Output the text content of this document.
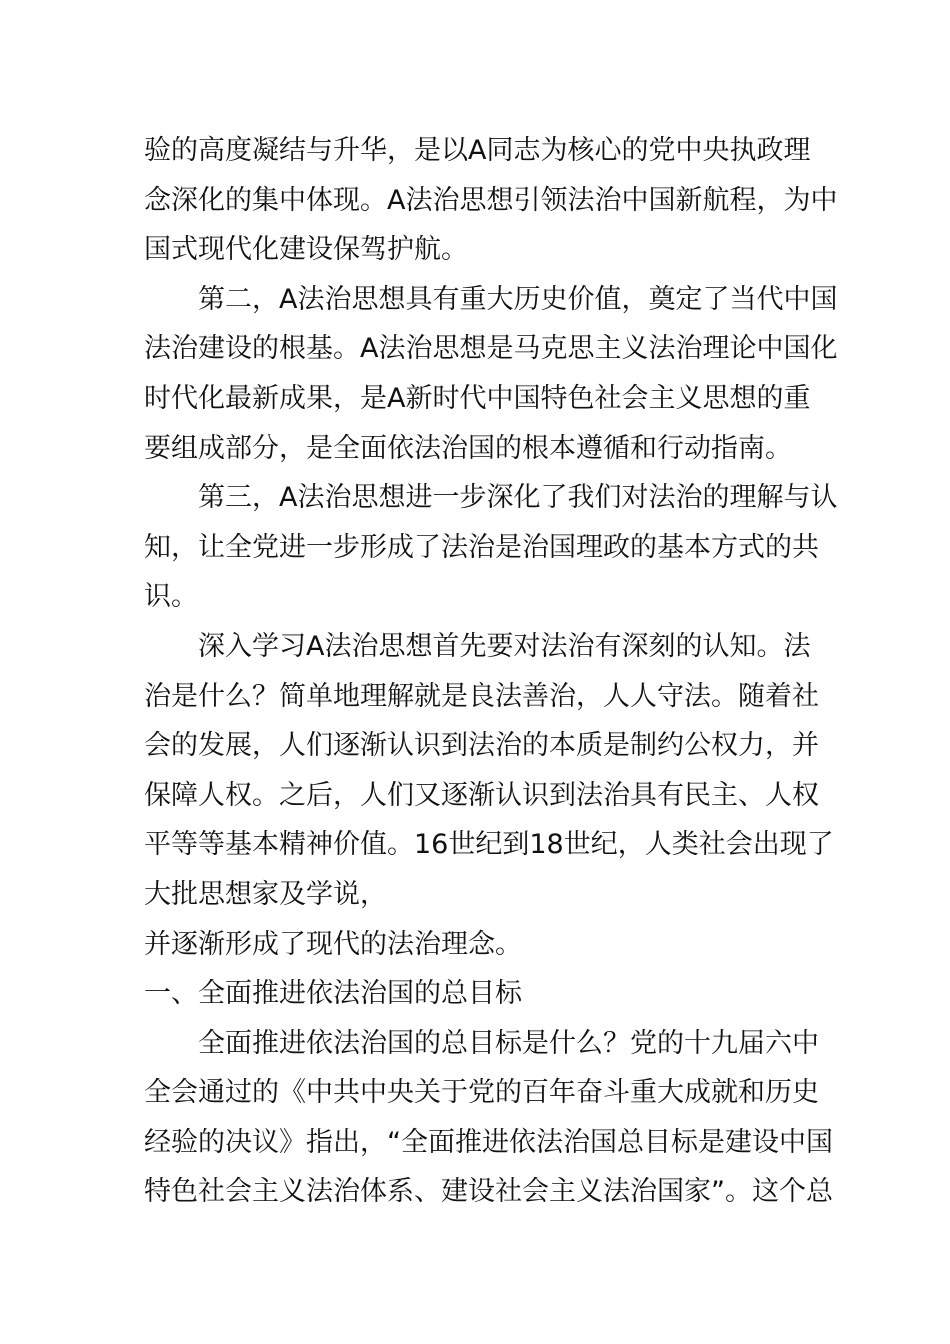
验的高度凝结与升华，是以A同志为核心的党中央执政理
念深化的集中体现。A法治思想引领法治中国新航程，为中
国式现代化建设保驾护航。
第二，A法治思想具有重大历史价值，奠定了当代中国
法治建设的根基。A法治思想是马克思主义法治理论中国化
时代化最新成果，是A新时代中国特色社会主义思想的重
要组成部分，是全面依法治国的根本遵循和行动指南。
第三，A法治思想进一步深化了我们对法治的理解与认
知，让全党进一步形成了法治是治国理政的基本方式的共
识。
深入学习A法治思想首先要对法治有深刻的认知。法
治是什么？简单地理解就是良法善治，人人守法。随着社
会的发展，人们逐渐认识到法治的本质是制约公权力，并
保障人权。之后，人们又逐渐认识到法治具有民主、人权
平等等基本精神价值。16世纪到18世纪，人类社会出现了
大批思想家及学说，
并逐渐形成了现代的法治理念。
一、全面推进依法治国的总目标
全面推进依法治国的总目标是什么？党的十九届六中
全会通过的《中共中央关于党的百年奋斗重大成就和历史
经验的决议》指出，“全面推进依法治国总目标是建设中国
特色社会主义法治体系、建设社会主义法治国家”。这个总
